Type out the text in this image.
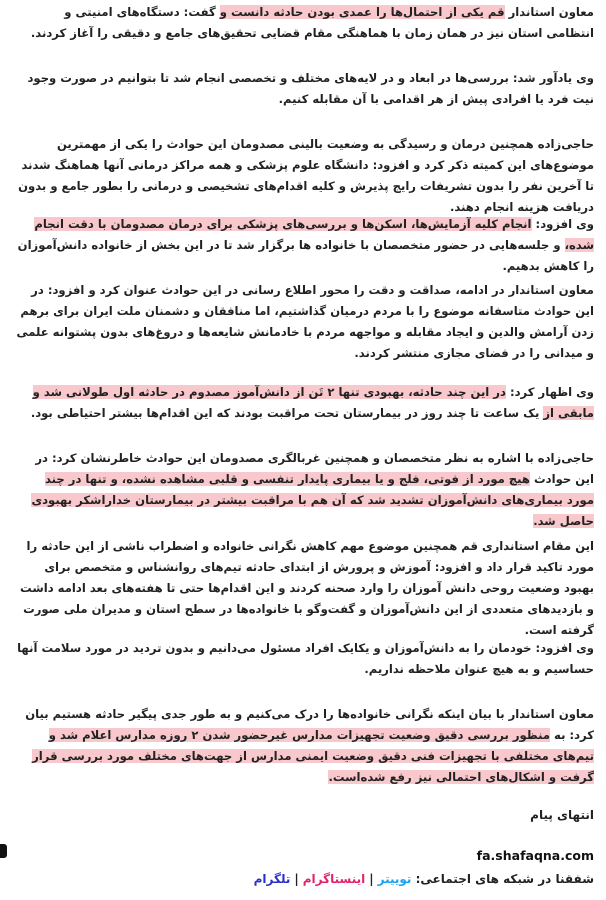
معاون استاندار قم یکی از احتمال‌ها را عمدی بودن حادثه دانست و گفت: دستگاه‌های امنیتی و انتظامی استان نیز در همان زمان با هماهنگی مقام قضایی تحقیق‌های جامع و دقیقی را آغاز کردند.

وی یادآور شد: بررسی‌ها در ابعاد و در لایه‌های مختلف و تخصصی انجام شد تا بتوانیم در صورت وجود نیت فرد یا افرادی پیش از هر اقدامی با آن مقابله کنیم.

حاجی‌زاده همچنین درمان و رسیدگی به وضعیت بالینی مصدومان این حوادث را یکی از مهمترین موضوع‌های این کمیته ذکر کرد و افزود: دانشگاه علوم پزشکی و همه مراکز درمانی آنها هماهنگ شدند تا آخرین نفر را بدون تشریفات رایج پذیرش و کلیه اقدام‌های تشخیصی و درمانی را بطور جامع و بدون دریافت هزینه انجام دهند.

وی افزود: انجام کلیه آزمایش‌ها، اسکن‌ها و بررسی‌های پزشکی برای درمان مصدومان با دقت انجام شده، و جلسه‌هایی در حضور متخصصان با خانواده ها برگزار شد تا در این بخش از خانواده دانش‌آموزان را کاهش بدهیم.

معاون استاندار در ادامه، صداقت و دقت را محور اطلاع رسانی در این حوادث عنوان کرد و افزود: در این حوادث متاسفانه موضوع را با مردم درمیان گذاشتیم، اما منافقان و دشمنان ملت ایران برای برهم زدن آرامش والدین و ایجاد مقابله و مواجهه مردم با خادمانش شایعه‌ها و دروغ‌های بدون پشتوانه علمی و میدانی را در فضای مجازی منتشر کردند.

وی اظهار کرد: در این چند حادثه، بهبودی تنها ۲ تَن از دانش‌آموز مصدوم در حادثه اول طولانی شد و مابقی از یک ساعت تا چند روز در بیمارستان تحت مراقبت بودند که این اقدام‌ها بیشتر احتیاطی بود.

حاجی‌زاده با اشاره به نظر متخصصان و همچنین غربالگری مصدومان این حوادث خاطرنشان کرد: در این حوادث هیچ مورد از فوتی، فلج و یا بیماری پایدار تنفسی و قلبی مشاهده نشده، و تنها در چند مورد بیماری‌های دانش‌آموزان تشدید شد که آن هم با مراقبت بیشتر در بیمارستان خداراشکر بهبودی حاصل شد.

این مقام استانداری قم همچنین موضوع مهم کاهش نگرانی خانواده و اضطراب ناشی از این حادثه را مورد تاکید قرار داد و افزود: آموزش و پرورش از ابتدای حادثه تیم‌های روانشناس و متخصص برای بهبود وضعیت روحی دانش آموزان را وارد صحنه کردند و این اقدام‌ها حتی تا هفته‌های بعد ادامه داشت و بازدیدهای متعددی از این دانش‌آموزان و گفت‌وگو با خانواده‌ها در سطح استان و مدیران ملی صورت گرفته است.

وی افزود: خودمان را به دانش‌آموزان و یکایک افراد مسئول می‌دانیم و بدون تردید در مورد سلامت آنها حساسیم و به هیچ عنوان ملاحظه نداریم.

معاون استاندار با بیان اینکه نگرانی خانواده‌ها را درک می‌کنیم و به طور جدی پیگیر حادثه هستیم بیان کرد: به منظور بررسی دقیق وضعیت تجهیزات مدارس غیرحضور شدن ۲ روزه مدارس اعلام شد و تیم‌های مختلفی با تجهیزات فنی دقیق وضعیت ایمنی مدارس از جهت‌های مختلف مورد بررسی قرار گرفت و اشکال‌های احتمالی نیز رفع شده‌است.

انتهای پیام
fa.shafaqna.com
شفقنا در شبکه های اجتماعی: توییتر|اینستاگرام|تلگرام
